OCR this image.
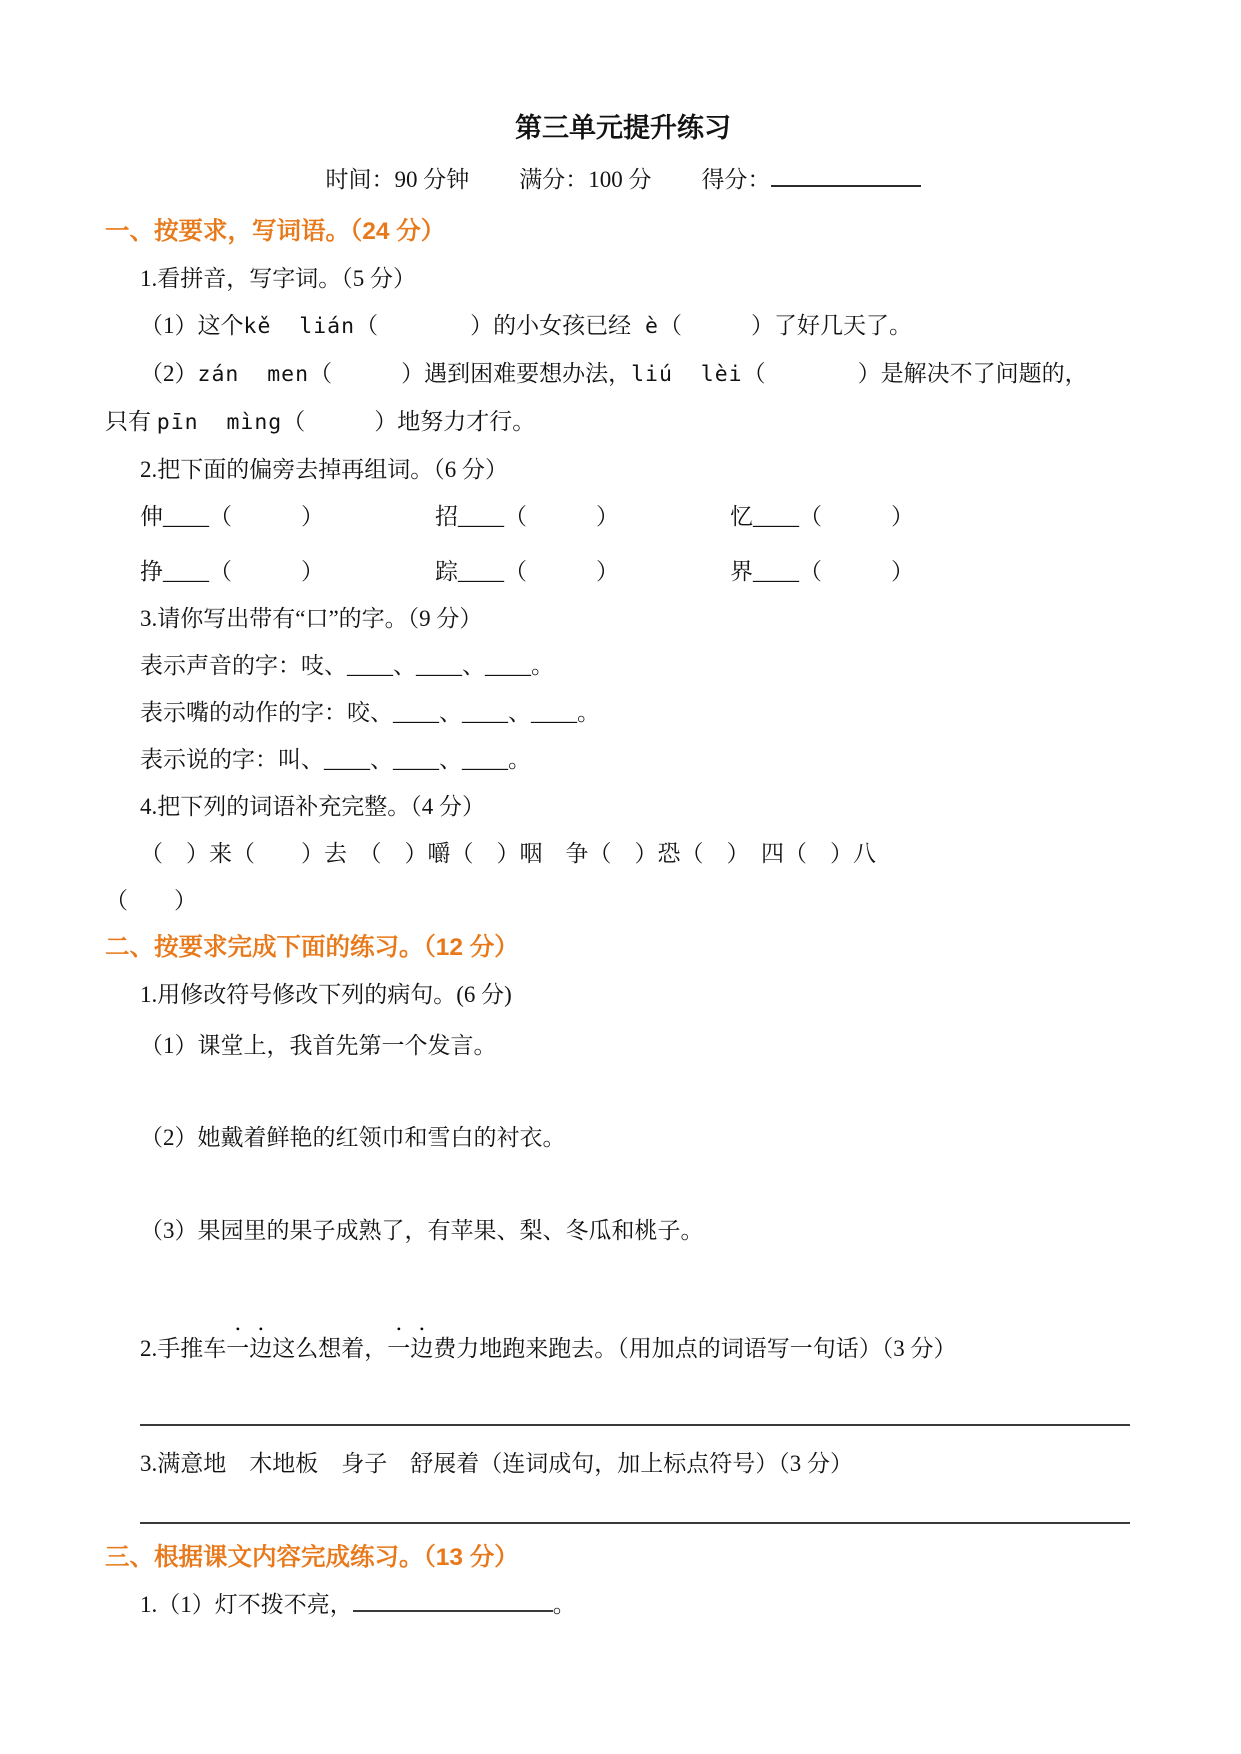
第三单元提升练习
时间：90 分钟 满分：100 分 得分：
一、按要求，写词语。（24 分）
1.看拼音，写字词。（5 分）
（1）这个kě  lián（　　　　）的小女孩已经 è（　　　）了好几天了。
（2）zán  men（　　　）遇到困难要想办法，liú  lèi（　　　　）是解决不了问题的，
只有 pīn  mìng（　　　）地努力才行。
2.把下面的偏旁去掉再组词。（6 分）
伸____（　　　）	招____（　　　）	忆____（　　　）
挣____（　　　）	踪____（　　　）	界____（　　　）
3.请你写出带有“口”的字。（9 分）
表示声音的字：吱、____、____、____。
表示嘴的动作的字：咬、____、____、____。
表示说的字：叫、____、____、____。
4.把下列的词语补充完整。（4 分）
（　）来（　　）去　（　）嚼（　）咽　争（　）恐（　）　四（　）八
（　　）
二、按要求完成下面的练习。（12 分）
1.用修改符号修改下列的病句。(6 分)
（1）课堂上，我首先第一个发言。
（2）她戴着鲜艳的红领巾和雪白的衬衣。
（3）果园里的果子成熟了，有苹果、梨、冬瓜和桃子。
2.手推车一边这么想着，一边费力地跑来跑去。（用加点的词语写一句话）（3 分）
3.满意地　木地板　身子　舒展着（连词成句，加上标点符号）（3 分）
三、根据课文内容完成练习。（13 分）
1.（1）灯不拨不亮，	。
